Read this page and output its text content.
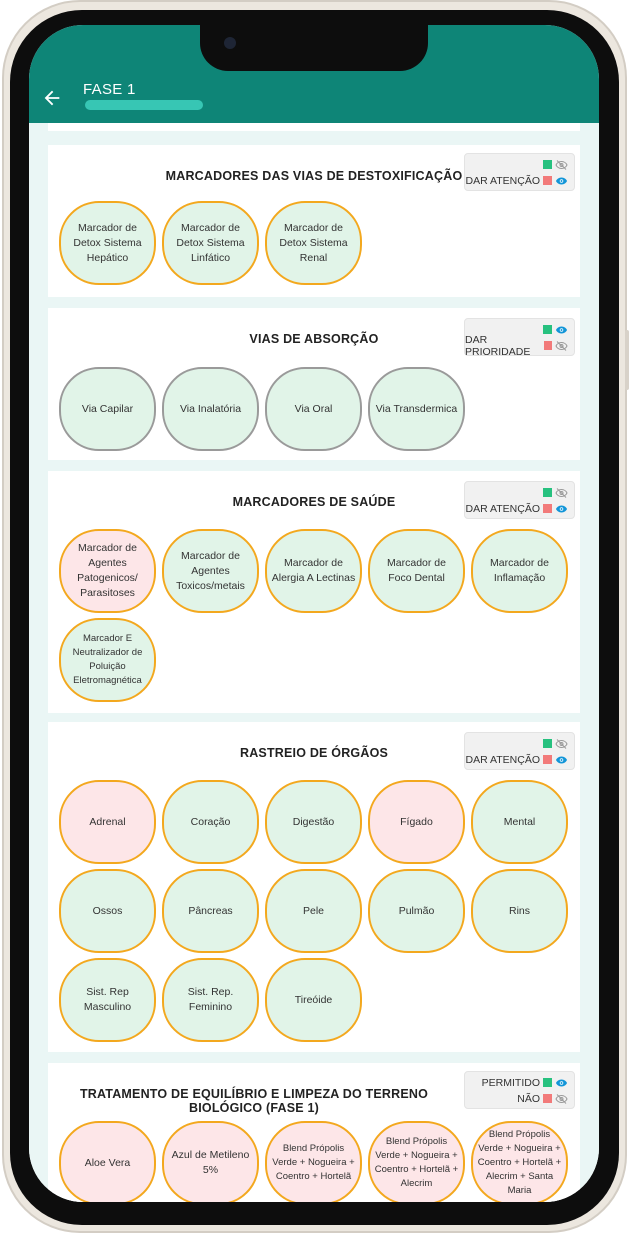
FASE 1
MARCADORES DAS VIAS DE DESTOXIFICAÇÃO DAR ATENÇÃO
Marcador de Detox Sistema Hepático
Marcador de Detox Sistema Linfático
Marcador de Detox Sistema Renal
VIAS DE ABSORÇÃO	DAR PRIORIDADE
Via Capilar	Via Inalatória	Via Oral	Via Transdermica
MARCADORES DE SAÚDE	DAR ATENÇÃO
Marcador de Agentes Patogenicos/ Parasitoses
Marcador de Agentes Toxicos/metais
Marcador de Alergia A Lectinas
Marcador de Foco Dental
Marcador de Inflamação
Marcador E Neutralizador de Poluição Eletromagnética
RASTREIO DE ÓRGÃOS	DAR ATENÇÃO
Adrenal	Coração	Digestão	Fígado	Mental
Ossos	Pâncreas	Pele	Pulmão	Rins
Sist. Rep Masculino
Sist. Rep. Feminino
Tireóide
TRATAMENTO DE EQUILÍBRIO E LIMPEZA DO TERRENO BIOLÓGICO (FASE 1)
PERMITIDO
NÃO
Aloe Vera
Azul de Metileno 5%
Blend Própolis Verde + Nogueira + Coentro + Hortelã
Blend Própolis Verde + Nogueira + Coentro + Hortelã + Alecrim
Blend Própolis Verde + Nogueira + Coentro + Hortelã + Alecrim + Santa Maria
